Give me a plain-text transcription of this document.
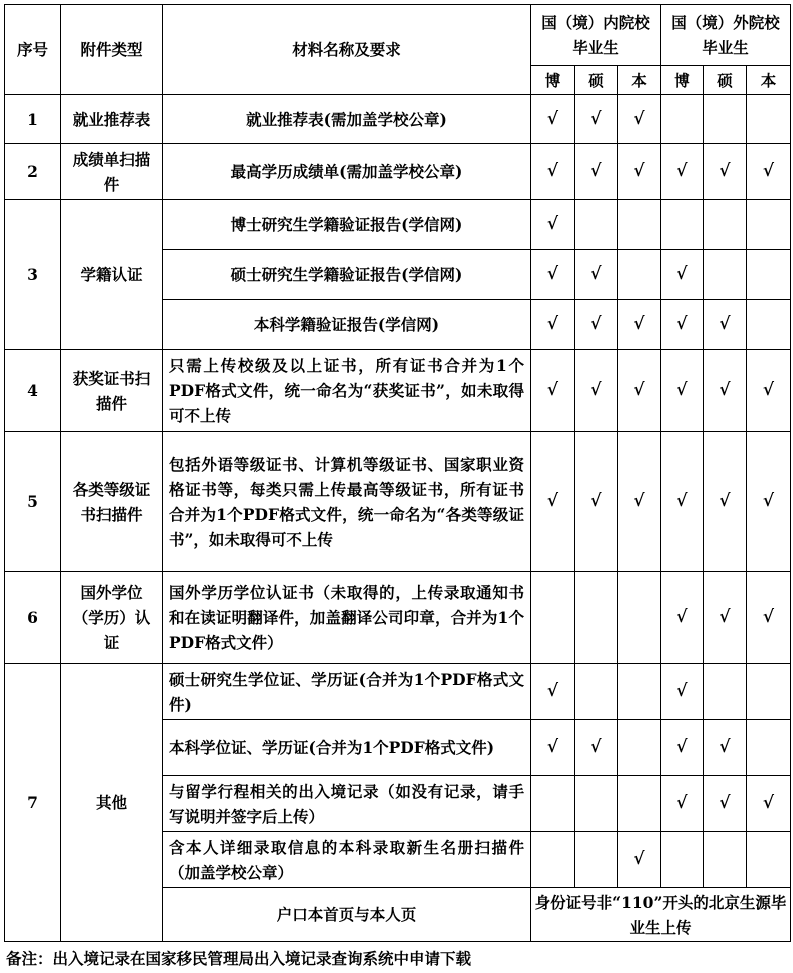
序号	附件类型	材料名称及要求	国（境）内院校毕业生			国（境）外院校毕业生		
			博	硕	本	博	硕	本
1	就业推荐表	就业推荐表(需加盖学校公章)	√	√	√			
2	成绩单扫描件	最高学历成绩单(需加盖学校公章)	√	√	√	√	√	√
3	学籍认证	博士研究生学籍验证报告(学信网)	√					
		硕士研究生学籍验证报告(学信网)	√	√		√		
		本科学籍验证报告(学信网)	√	√	√	√	√	
4	获奖证书扫描件	只需上传校级及以上证书，所有证书合并为1个PDF格式文件，统一命名为“获奖证书”，如未取得可不上传	√	√	√	√	√	√
5	各类等级证书扫描件	包括外语等级证书、计算机等级证书、国家职业资格证书等，每类只需上传最高等级证书，所有证书合并为1个PDF格式文件，统一命名为“各类等级证书”，如未取得可不上传	√	√	√	√	√	√
6	国外学位（学历）认证	国外学历学位认证书（未取得的，上传录取通知书和在读证明翻译件，加盖翻译公司印章，合并为1个PDF格式文件）				√	√	√
7	其他	硕士研究生学位证、学历证(合并为1个PDF格式文件)	√			√		
		本科学位证、学历证(合并为1个PDF格式文件)	√	√		√	√	
		与留学行程相关的出入境记录（如没有记录，请手写说明并签字后上传）				√	√	√
		含本人详细录取信息的本科录取新生名册扫描件（加盖学校公章）			√			
		户口本首页与本人页	身份证号非“110”开头的北京生源毕业生上传					
备注：出入境记录在国家移民管理局出入境记录查询系统中申请下载
